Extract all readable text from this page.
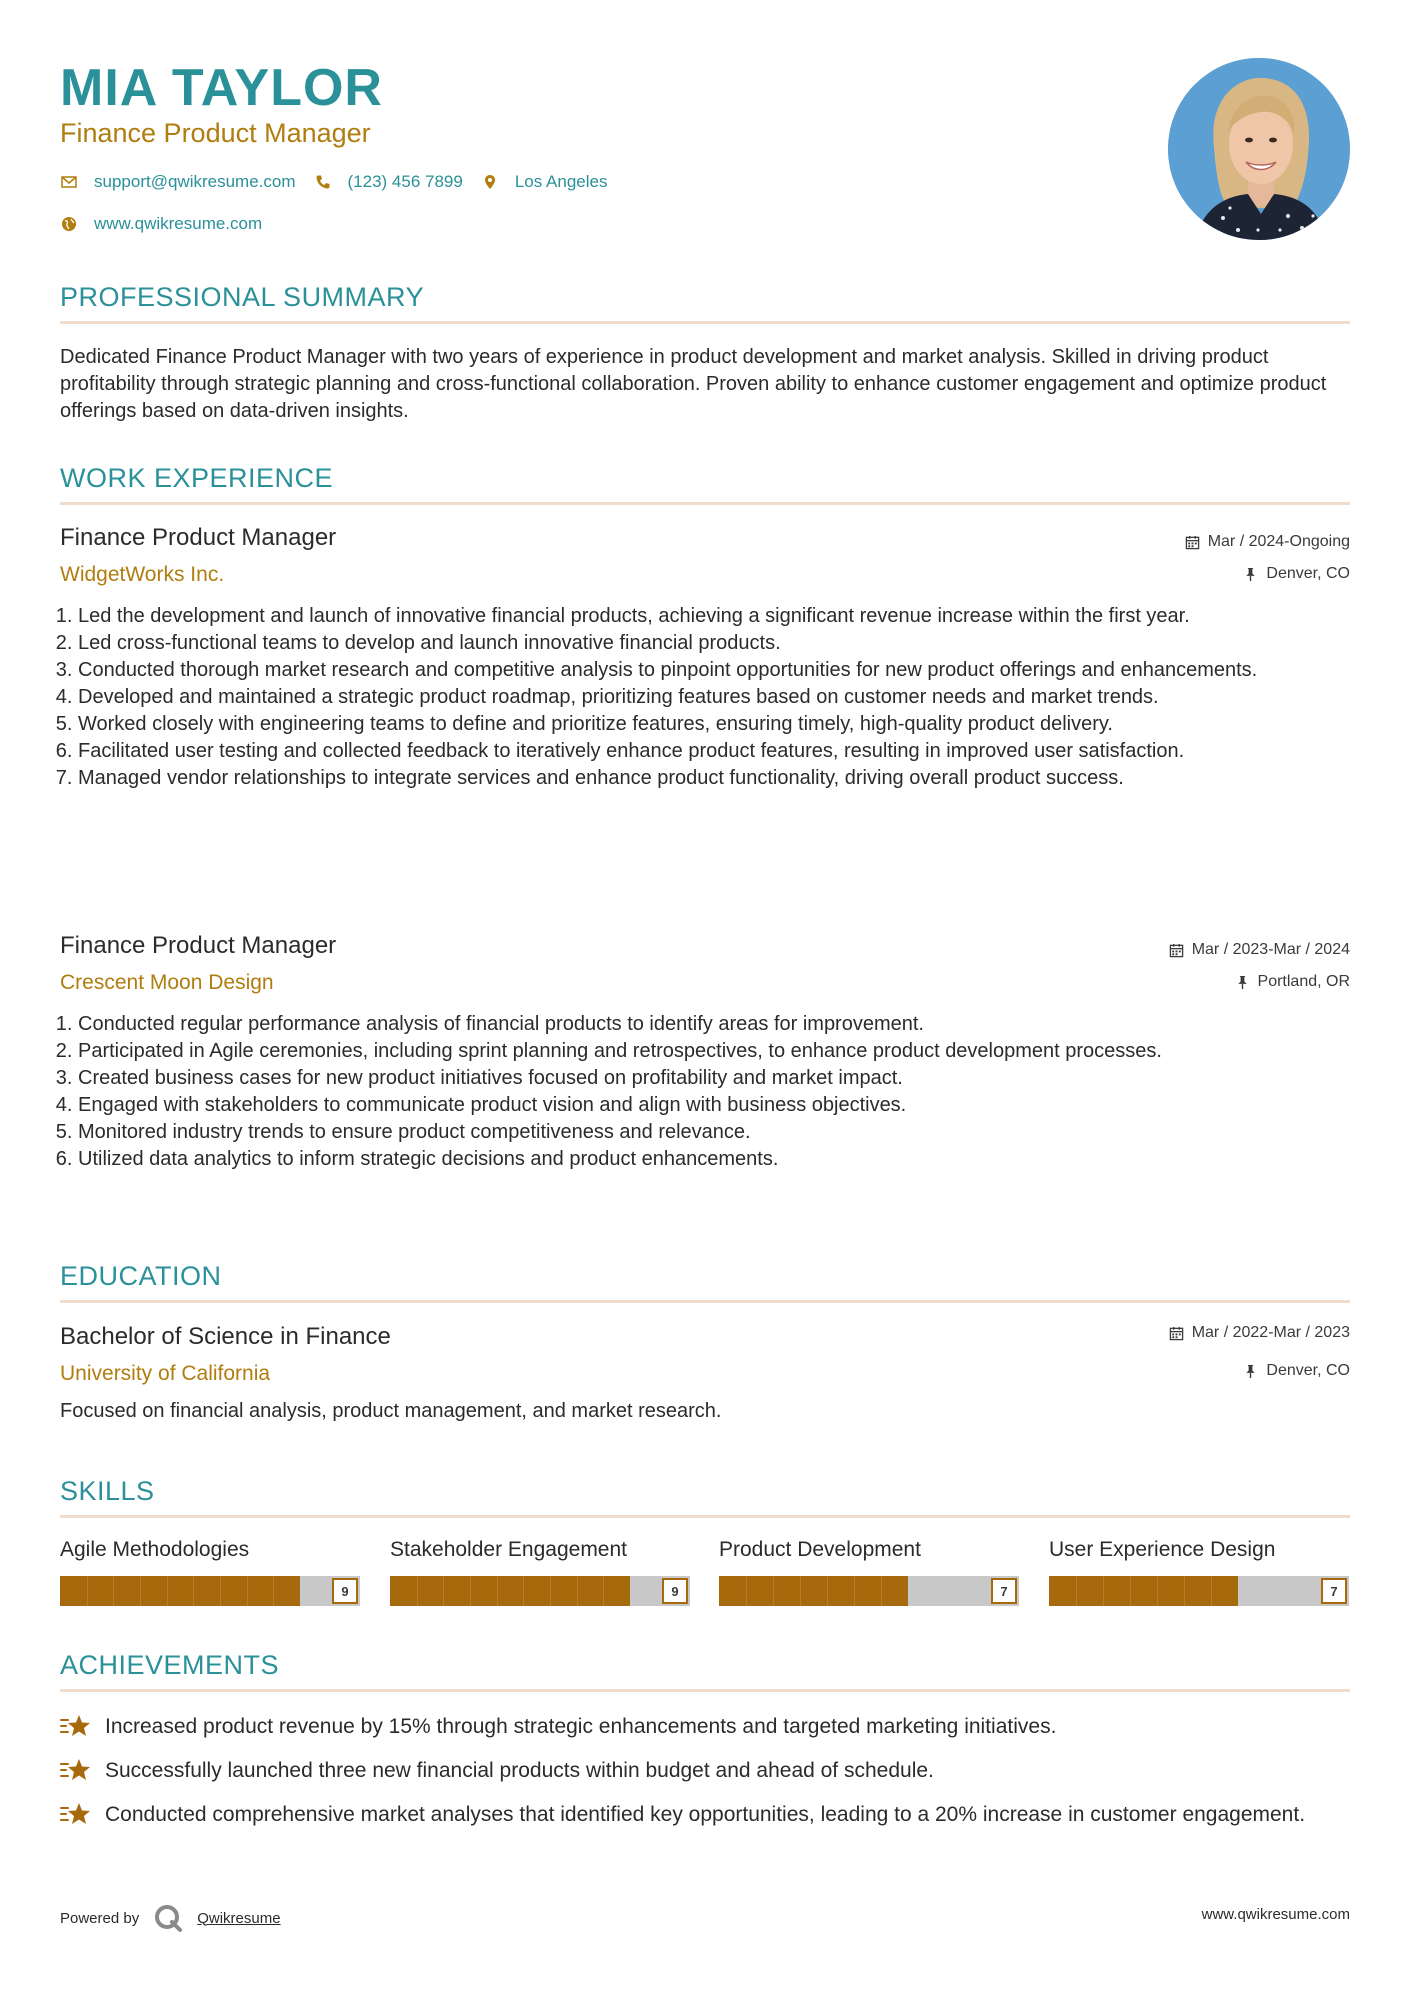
MIA TAYLOR
Finance Product Manager
support@qwikresume.com	(123) 456 7899	Los Angeles
www.qwikresume.com
PROFESSIONAL SUMMARY
Dedicated Finance Product Manager with two years of experience in product development and market analysis. Skilled in driving product profitability through strategic planning and cross-functional collaboration. Proven ability to enhance customer engagement and optimize product offerings based on data-driven insights.
WORK EXPERIENCE
Finance Product Manager
WidgetWorks Inc.
Mar / 2024-Ongoing
Denver, CO
1. Led the development and launch of innovative financial products, achieving a significant revenue increase within the first year.
2. Led cross-functional teams to develop and launch innovative financial products.
3. Conducted thorough market research and competitive analysis to pinpoint opportunities for new product offerings and enhancements.
4. Developed and maintained a strategic product roadmap, prioritizing features based on customer needs and market trends.
5. Worked closely with engineering teams to define and prioritize features, ensuring timely, high-quality product delivery.
6. Facilitated user testing and collected feedback to iteratively enhance product features, resulting in improved user satisfaction.
7. Managed vendor relationships to integrate services and enhance product functionality, driving overall product success.
Finance Product Manager
Crescent Moon Design
Mar / 2023-Mar / 2024
Portland, OR
1. Conducted regular performance analysis of financial products to identify areas for improvement.
2. Participated in Agile ceremonies, including sprint planning and retrospectives, to enhance product development processes.
3. Created business cases for new product initiatives focused on profitability and market impact.
4. Engaged with stakeholders to communicate product vision and align with business objectives.
5. Monitored industry trends to ensure product competitiveness and relevance.
6. Utilized data analytics to inform strategic decisions and product enhancements.
EDUCATION
Bachelor of Science in Finance
University of California
Mar / 2022-Mar / 2023
Denver, CO
Focused on financial analysis, product management, and market research.
SKILLS
Agile Methodologies
9
Stakeholder Engagement
9
Product Development
7
User Experience Design
7
ACHIEVEMENTS
Increased product revenue by 15% through strategic enhancements and targeted marketing initiatives.
Successfully launched three new financial products within budget and ahead of schedule.
Conducted comprehensive market analyses that identified key opportunities, leading to a 20% increase in customer engagement.
Powered by	Qwikresume	www.qwikresume.com
